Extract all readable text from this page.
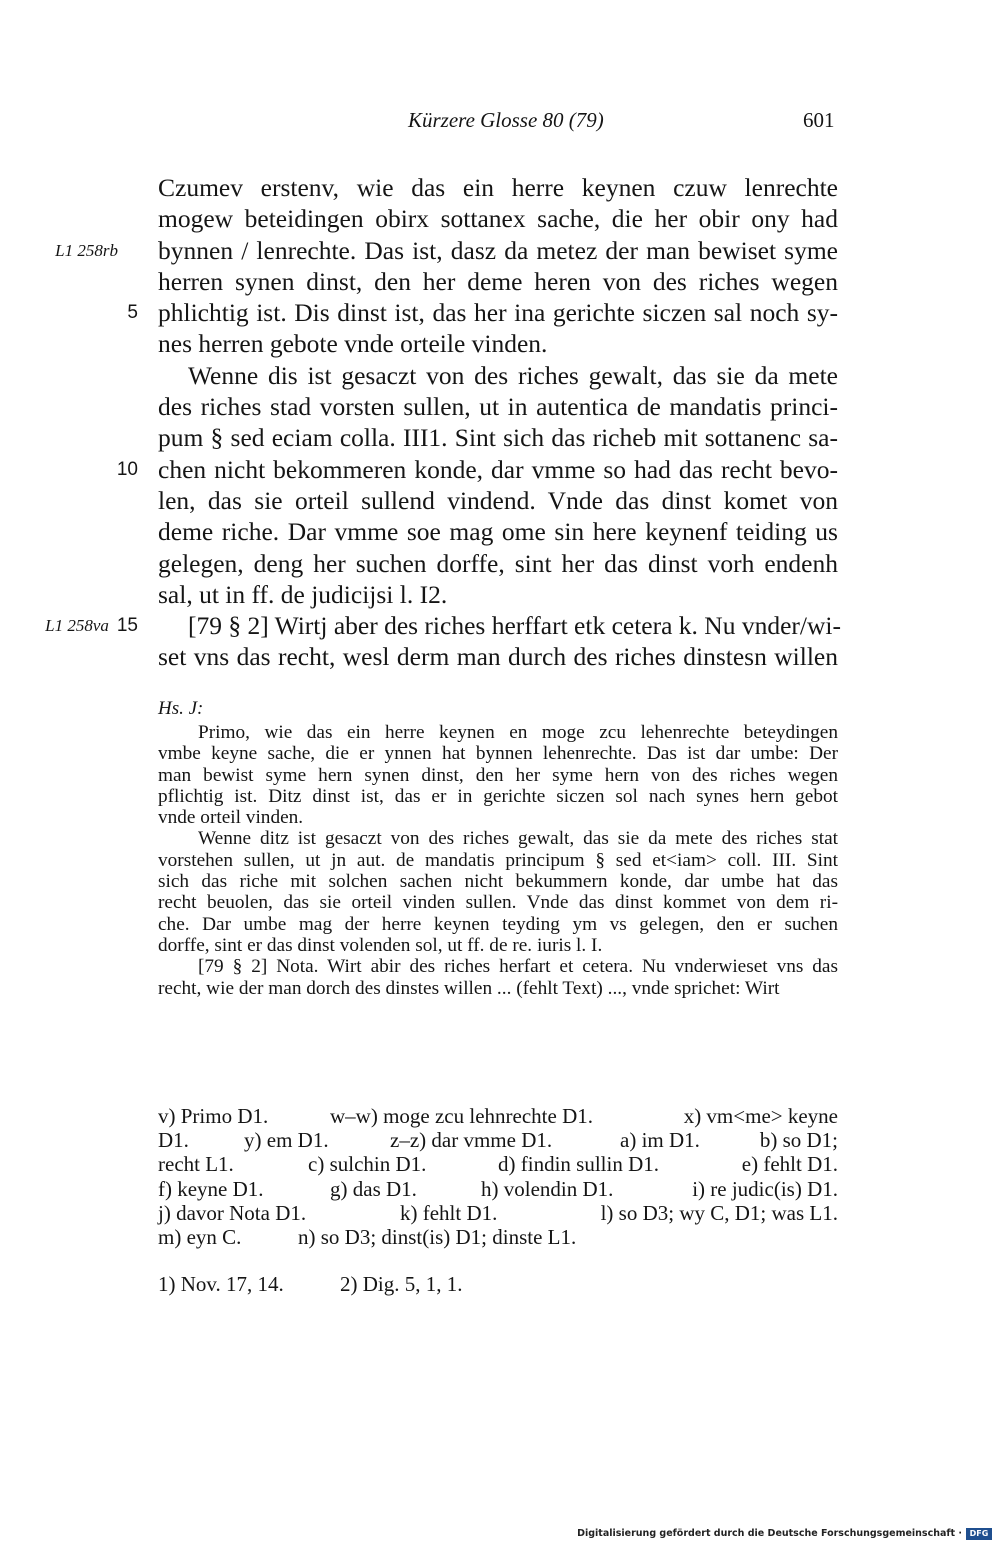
Kürzere Glosse 80 (79)	601
Czumev erstenv, wie das ein herre keynen czuw lenrechte
mogew beteidingen obirx sottanex sache, die her obir ony had
L1 258rb bynnen / lenrechte. Das ist, dasz da metez der man bewiset syme
herren synen dinst, den her deme heren von des riches wegen
5 phlichtig ist. Dis dinst ist, das her ina gerichte siczen sal noch sy-
nes herren gebote vnde orteile vinden.
Wenne dis ist gesaczt von des riches gewalt, das sie da mete
des riches stad vorsten sullen, ut in autentica de mandatis princi-
pum § sed eciam colla. III1. Sint sich das richeb mit sottanenc sa-
10 chen nicht bekommeren konde, dar vmme so had das recht bevo-
len, das sie orteil sullend vindend. Vnde das dinst komet von
deme riche. Dar vmme soe mag ome sin here keynenf teiding us
gelegen, deng her suchen dorffe, sint her das dinst vorh endenh
sal, ut in ff. de judicijsi l. I2.
L1 258va 15 [79 § 2] Wirtj aber des riches herffart etk cetera k. Nu vnder/wi-
set vns das recht, wesl derm man durch des riches dinstesn willen
Hs. J:
Primo, wie das ein herre keynen en moge zcu lehenrechte beteydingen
vmbe keyne sache, die er ynnen hat bynnen lehenrechte. Das ist dar umbe: Der
man bewist syme hern synen dinst, den her syme hern von des riches wegen
pflichtig ist. Ditz dinst ist, das er in gerichte siczen sol nach synes hern gebot
vnde orteil vinden.
Wenne ditz ist gesaczt von des riches gewalt, das sie da mete des riches stat
vorstehen sullen, ut jn aut. de mandatis principum § sed et<iam> coll. III. Sint
sich das riche mit solchen sachen nicht bekummern konde, dar umbe hat das
recht beuolen, das sie orteil vinden sullen. Vnde das dinst kommet von dem ri-
che. Dar umbe mag der herre keynen teyding ym vs gelegen, den er suchen
dorffe, sint er das dinst volenden sol, ut ff. de re. iuris l. I.
[79 § 2] Nota. Wirt abir des riches herfart et cetera. Nu vnderwieset vns das
recht, wie der man dorch des dinstes willen ... (fehlt Text) ..., vnde sprichet: Wirt
v) Primo D1.	w–w) moge zcu lehnrechte D1.	x) vm<me> keyne
D1.	y) em D1.	z–z) dar vmme D1.	a) im D1.	b) so D1;
recht L1.	c) sulchin D1.	d) findin sullin D1.	e) fehlt D1.
f) keyne D1.	g) das D1.	h) volendin D1.	i) re judic(is) D1.
j) davor Nota D1.	k) fehlt D1.	l) so D3; wy C, D1; was L1.
m) eyn C.	n) so D3; dinst(is) D1; dinste L1.
1) Nov. 17, 14.	2) Dig. 5, 1, 1.
Digitalisierung gefördert durch die Deutsche Forschungsgemeinschaft · DFG
